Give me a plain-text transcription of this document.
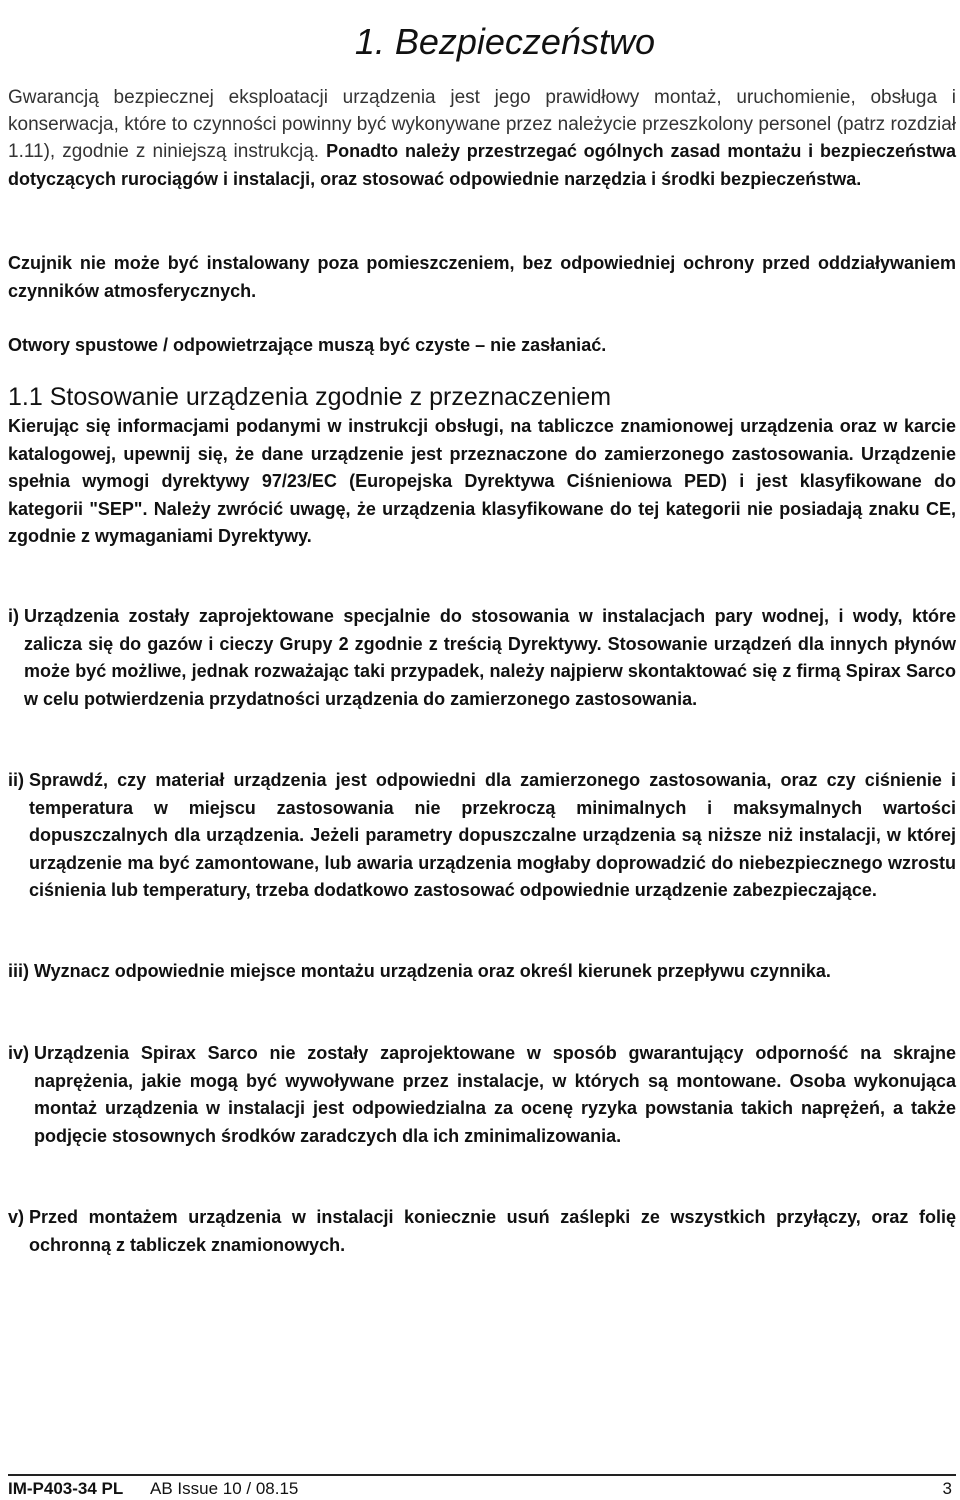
1. Bezpieczeństwo
Gwarancją bezpiecznej eksploatacji urządzenia jest jego prawidłowy montaż, uruchomienie, obsługa i konserwacja, które to czynności powinny być wykonywane przez należycie przeszkolony personel (patrz rozdział 1.11), zgodnie z niniejszą instrukcją. Ponadto należy przestrzegać ogólnych zasad montażu i bezpieczeństwa dotyczących rurociągów i instalacji, oraz stosować odpowiednie narzędzia i środki bezpieczeństwa.

Czujnik nie może być instalowany poza pomieszczeniem, bez odpowiedniej ochrony przed oddziaływaniem czynników atmosferycznych.

Otwory spustowe / odpowietrzające muszą być czyste – nie zasłaniać.

1.1 Stosowanie urządzenia zgodnie z przeznaczeniem

Kierując się informacjami podanymi w instrukcji obsługi, na tabliczce znamionowej urządzenia oraz w karcie katalogowej, upewnij się, że dane urządzenie jest przeznaczone do zamierzonego zastosowania. Urządzenie spełnia wymogi dyrektywy 97/23/EC (Europejska Dyrektywa Ciśnieniowa PED) i jest klasyfikowane do kategorii "SEP". Należy zwrócić uwagę, że urządzenia klasyfikowane do tej kategorii nie posiadają znaku CE, zgodnie z wymaganiami Dyrektywy.

i) Urządzenia zostały zaprojektowane specjalnie do stosowania w instalacjach pary wodnej, i wody, które zalicza się do gazów i cieczy Grupy 2 zgodnie z treścią Dyrektywy. Stosowanie urządzeń dla innych płynów może być możliwe, jednak rozważając taki przypadek, należy najpierw skontaktować się z firmą Spirax Sarco w celu potwierdzenia przydatności urządzenia do zamierzonego zastosowania.
ii) Sprawdź, czy materiał urządzenia jest odpowiedni dla zamierzonego zastosowania, oraz czy ciśnienie i temperatura w miejscu zastosowania nie przekroczą minimalnych i maksymalnych wartości dopuszczalnych dla urządzenia. Jeżeli parametry dopuszczalne urządzenia są niższe niż instalacji, w której urządzenie ma być zamontowane, lub awaria urządzenia mogłaby doprowadzić do niebezpiecznego wzrostu ciśnienia lub temperatury, trzeba dodatkowo zastosować odpowiednie urządzenie zabezpieczające.
iii) Wyznacz odpowiednie miejsce montażu urządzenia oraz określ kierunek przepływu czynnika.
iv) Urządzenia Spirax Sarco nie zostały zaprojektowane w sposób gwarantujący odporność na skrajne naprężenia, jakie mogą być wywoływane przez instalacje, w których są montowane. Osoba wykonująca montaż urządzenia w instalacji jest odpowiedzialna za ocenę ryzyka powstania takich naprężeń, a także podjęcie stosownych środków zaradczych dla ich zminimalizowania.
v) Przed montażem urządzenia w instalacji koniecznie usuń zaślepki ze wszystkich przyłączy, oraz folię ochronną z tabliczek znamionowych.
IM-P403-34 PL AB Issue 10 / 08.15	3
